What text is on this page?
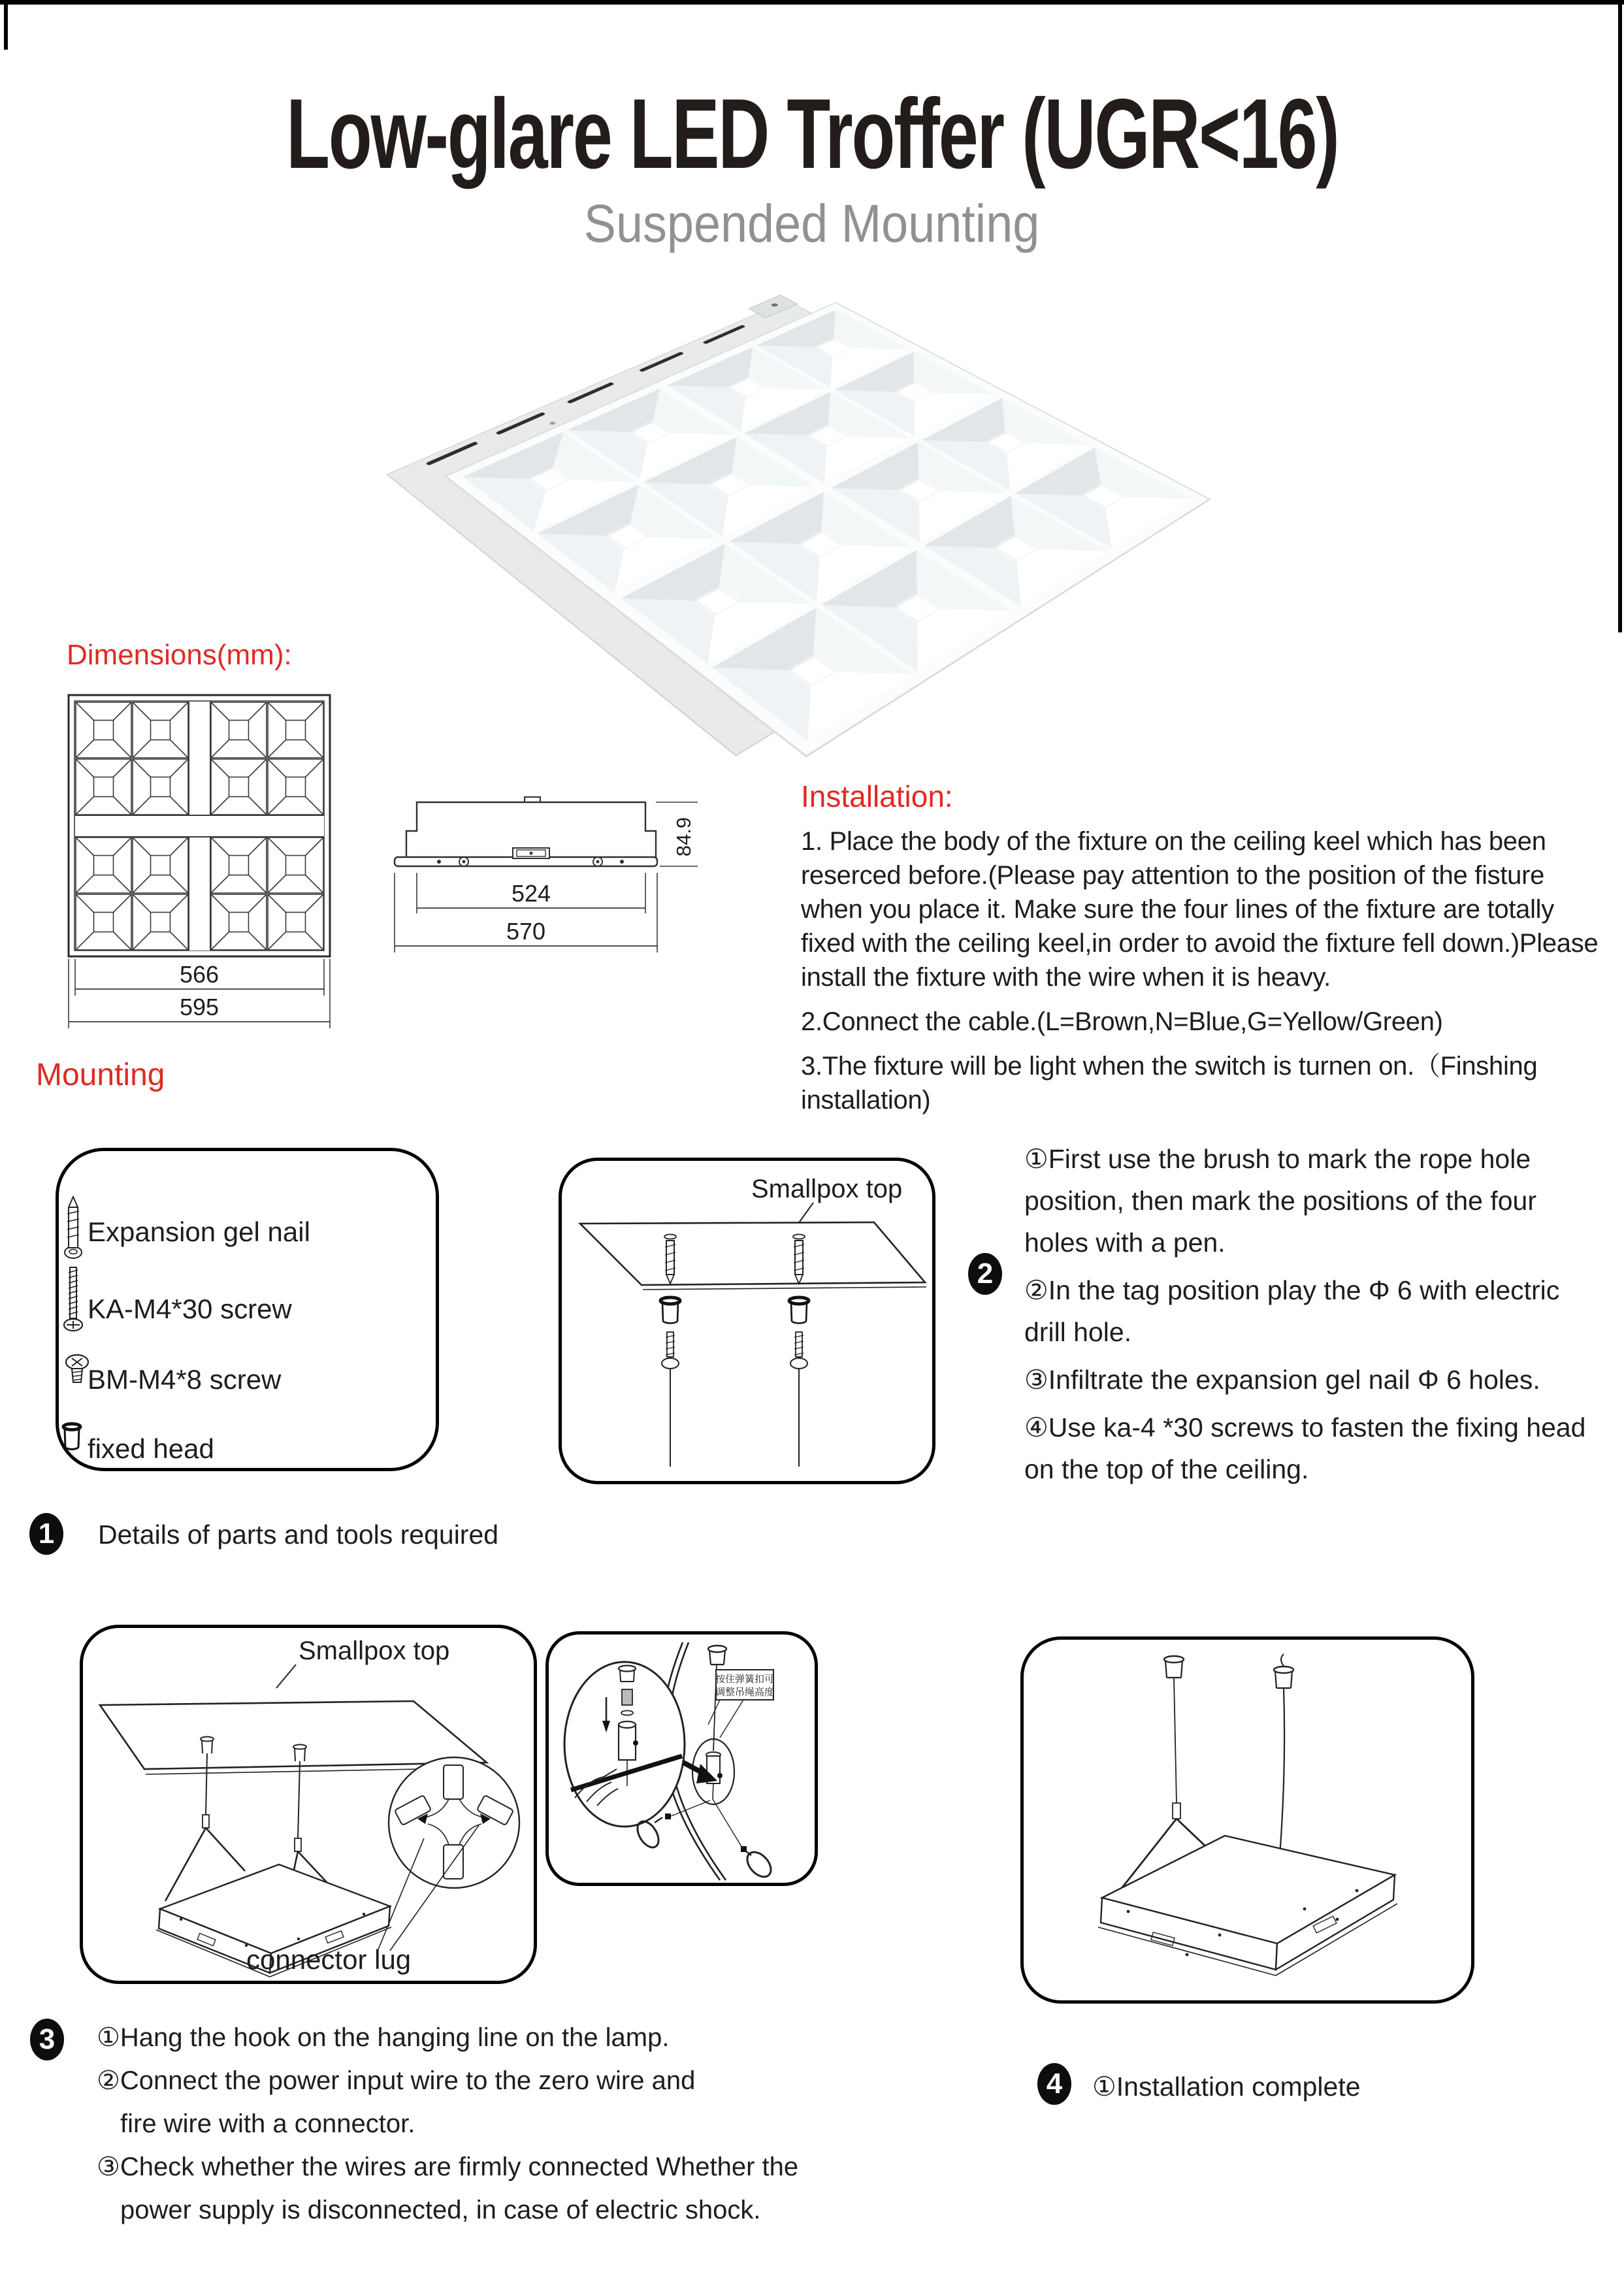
Low-glare LED Troffer (UGR<16)
Suspended Mounting
Dimensions(mm):
566
595
524
570
84.9
Installation:

1. Place the body of the fixture on the ceiling keel which has been reserced before.(Please pay attention to the position of the fisture when you place it. Make sure the four lines of the fixture are totally fixed with the ceiling keel,in order to avoid the fixture fell down.)Please install the fixture with the wire when it is heavy.

2.Connect the cable.(L=Brown,N=Blue,G=Yellow/Green)

3.The fixture will be light when the switch is turnen on.（Finshing installation)

Mounting
Expansion gel nail
KA-M4*30 screw
BM-M4*8 screw
fixed head
Smallpox top
2
①First use the brush to mark the rope hole position, then mark the positions of the four holes with a pen.
②In the tag position play the Φ 6 with electric drill hole.
③Infiltrate the expansion gel nail Φ 6 holes.
④Use ka-4 *30 screws to fasten the fixing head on the top of the ceiling.
1	Details of parts and tools required
Smallpox top
connector lug
按住弹簧扣可
调整吊绳高度
3	①Hang the hook on the hanging line on the lamp.
②Connect the power input wire to the zero wire and fire wire with a connector.
③Check whether the wires are firmly connected Whether the power supply is disconnected, in case of electric shock.
4	①Installation complete
